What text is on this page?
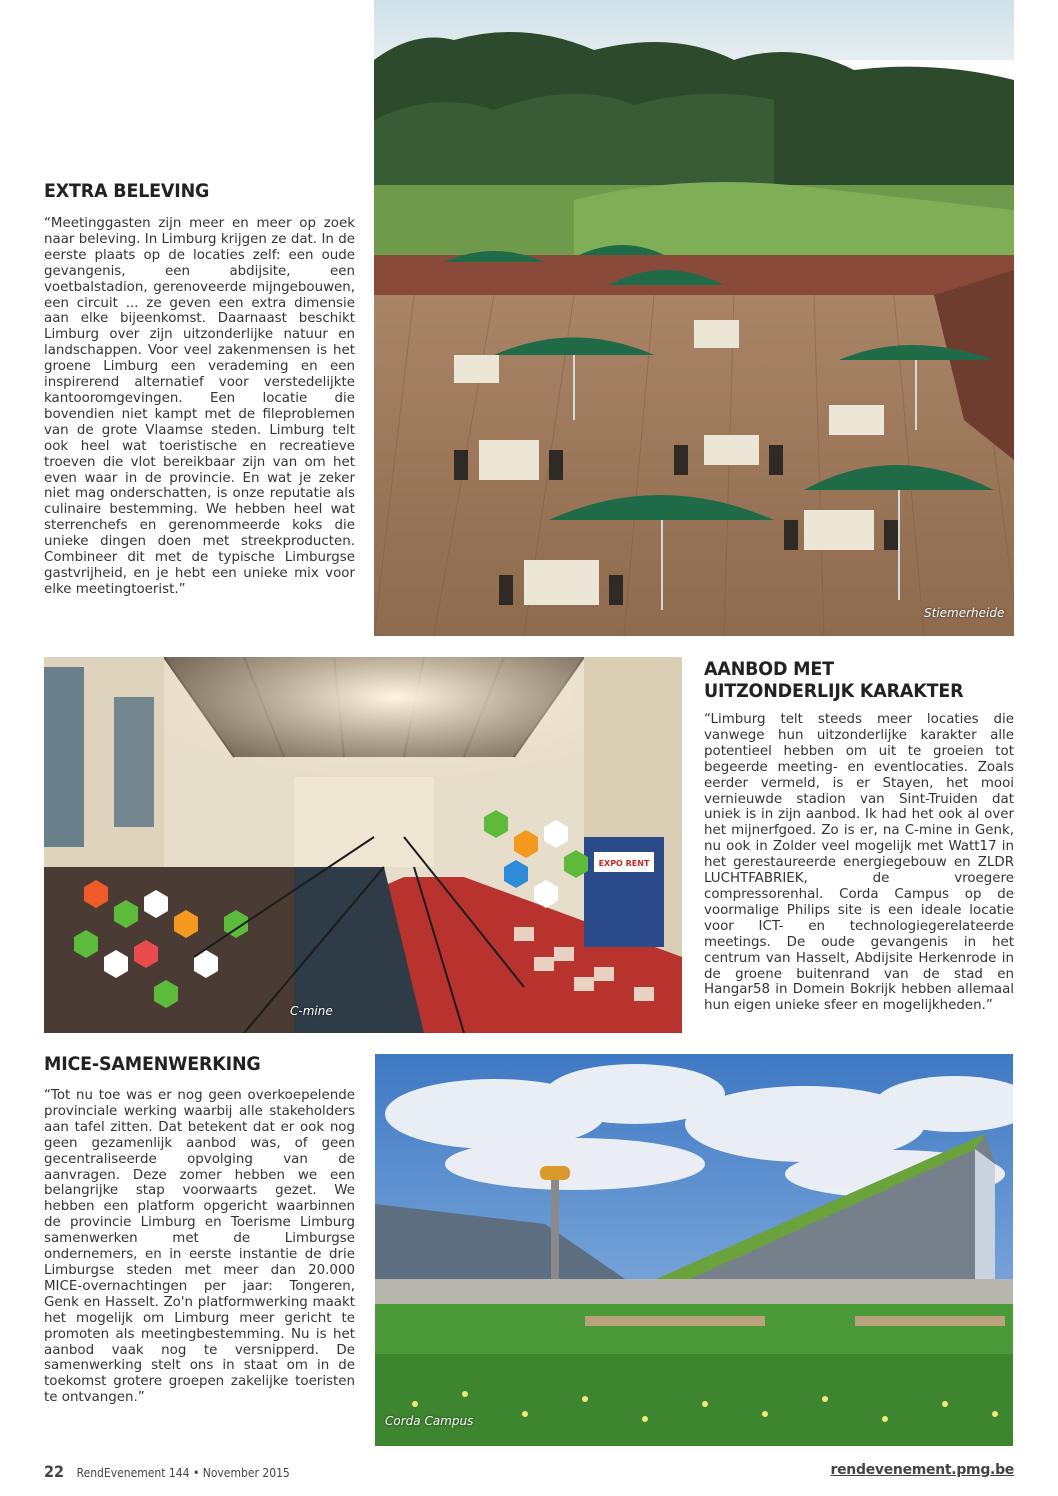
EXTRA BELEVING

“Meetinggasten zijn meer en meer op zoek naar beleving. In Limburg krijgen ze dat. In de eerste plaats op de locaties zelf: een oude gevangenis, een abdijsite, een voetbalstadion, gerenoveerde mijngebouwen, een circuit ... ze geven een extra dimensie aan elke bijeenkomst. Daarnaast beschikt Limburg over zijn uitzonderlijke natuur en landschappen. Voor veel zakenmensen is het groene Limburg een verademing en een inspirerend alternatief voor verstedelijkte kantooromgevingen. Een locatie die bovendien niet kampt met de fileproblemen van de grote Vlaamse steden. Limburg telt ook heel wat toeristische en recreatieve troeven die vlot bereikbaar zijn van om het even waar in de provincie. En wat je zeker niet mag onderschatten, is onze reputatie als culinaire bestemming. We hebben heel wat sterrenchefs en gerenommeerde koks die unieke dingen doen met streekproducten. Combineer dit met de typische Limburgse gastvrijheid, en je hebt een unieke mix voor elke meetingtoerist.”

Stiemerheide
EXPO RENT
C-mine
AANBOD MET
UITZONDERLIJK KARAKTER

“Limburg telt steeds meer locaties die vanwege hun uitzonderlijke karakter alle potentieel hebben om uit te groeien tot begeerde meeting- en eventlocaties. Zoals eerder vermeld, is er Stayen, het mooi vernieuwde stadion van Sint-Truiden dat uniek is in zijn aanbod. Ik had het ook al over het mijnerfgoed. Zo is er, na C-mine in Genk, nu ook in Zolder veel mogelijk met Watt17 in het gerestaureerde energiegebouw en ZLDR LUCHTFABRIEK, de vroegere compressorenhal. Corda Campus op de voormalige Philips site is een ideale locatie voor ICT- en technologiegerelateerde meetings. De oude gevangenis in het centrum van Hasselt, Abdijsite Herkenrode in de groene buitenrand van de stad en Hangar58 in Domein Bokrijk hebben allemaal hun eigen unieke sfeer en mogelijkheden.”

MICE-SAMENWERKING

“Tot nu toe was er nog geen overkoepelende provinciale werking waarbij alle stakeholders aan tafel zitten. Dat betekent dat er ook nog geen gezamenlijk aanbod was, of geen gecentraliseerde opvolging van de aanvragen. Deze zomer hebben we een belangrijke stap voorwaarts gezet. We hebben een platform opgericht waarbinnen de provincie Limburg en Toerisme Limburg samenwerken met de Limburgse ondernemers, en in eerste instantie de drie Limburgse steden met meer dan 20.000 MICE-overnachtingen per jaar: Tongeren, Genk en Hasselt. Zo'n platformwerking maakt het mogelijk om Limburg meer gericht te promoten als meetingbestemming. Nu is het aanbod vaak nog te versnipperd. De samenwerking stelt ons in staat om in de toekomst grotere groepen zakelijke toeristen te ontvangen.”

Corda Campus
22 RendEvenement 144 • November 2015	rendevenement.pmg.be
